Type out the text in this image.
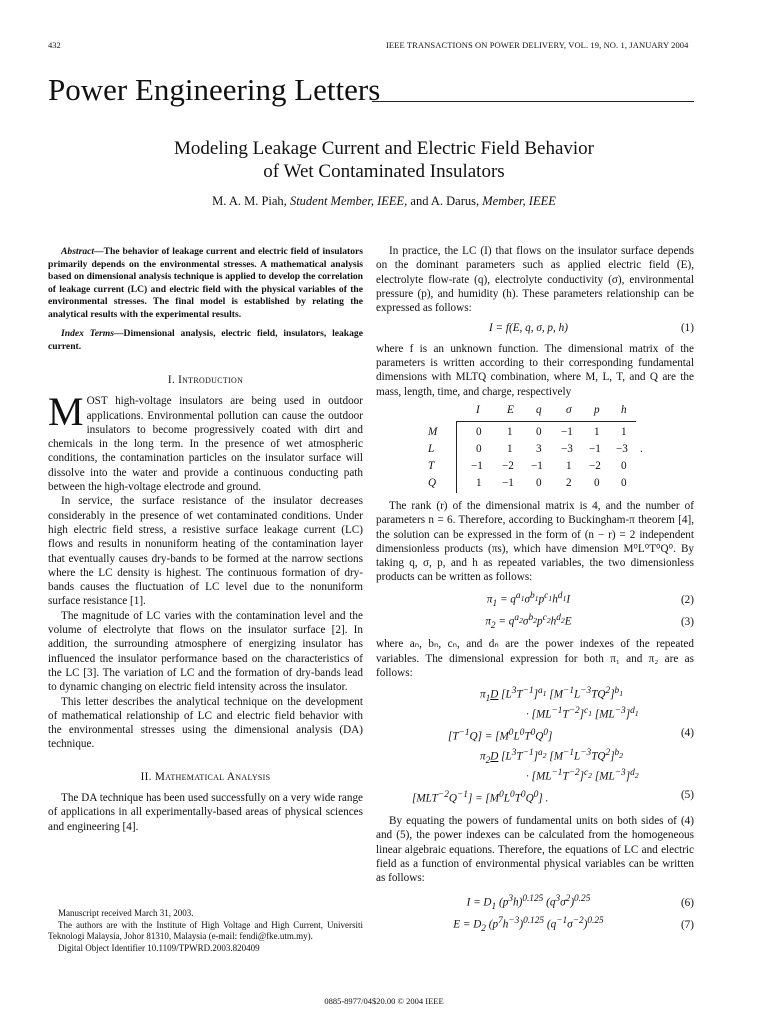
432	IEEE TRANSACTIONS ON POWER DELIVERY, VOL. 19, NO. 1, JANUARY 2004
Power Engineering Letters
Modeling Leakage Current and Electric Field Behavior
of Wet Contaminated Insulators
M. A. M. Piah, Student Member, IEEE, and A. Darus, Member, IEEE

Abstract—The behavior of leakage current and electric field of insulators primarily depends on the environmental stresses. A mathematical analysis based on dimensional analysis technique is applied to develop the correlation of leakage current (LC) and electric field with the physical variables of the environmental stresses. The final model is established by relating the analytical results with the experimental results.

Index Terms—Dimensional analysis, electric field, insulators, leakage current.

I. Introduction

MOST high-voltage insulators are being used in outdoor applications. Environmental pollution can cause the outdoor insulators to become progressively coated with dirt and chemicals in the long term. In the presence of wet atmospheric conditions, the contamination particles on the insulator surface will dissolve into the water and provide a continuous conducting path between the high-voltage electrode and ground.

In service, the surface resistance of the insulator decreases considerably in the presence of wet contaminated conditions. Under high electric field stress, a resistive surface leakage current (LC) flows and results in nonuniform heating of the contamination layer that eventually causes dry-bands to be formed at the narrow sections where the LC density is highest. The continuous formation of dry-bands causes the fluctuation of LC level due to the nonuniform surface resistance [1].

The magnitude of LC varies with the contamination level and the volume of electrolyte that flows on the insulator surface [2]. In addition, the surrounding atmosphere of energizing insulator has influenced the insulator performance based on the characteristics of the LC [3]. The variation of LC and the formation of dry-bands lead to dynamic changing on electric field intensity across the insulator.

This letter describes the analytical technique on the development of mathematical relationship of LC and electric field behavior with the environmental stresses using the dimensional analysis (DA) technique.

II. Mathematical Analysis

The DA technique has been used successfully on a very wide range of applications in all experimentally-based areas of physical sciences and engineering [4].

Manuscript received March 31, 2003.

The authors are with the Institute of High Voltage and High Current, Universiti Teknologi Malaysia, Johor 81310, Malaysia (e-mail: fendi@fke.utm.my).

Digital Object Identifier 10.1109/TPWRD.2003.820409

In practice, the LC (I) that flows on the insulator surface depends on the dominant parameters such as applied electric field (E), electrolyte flow-rate (q), electrolyte conductivity (σ), environmental pressure (p), and humidity (h). These parameters relationship can be expressed as follows:

I = f(E, q, σ, p, h)	(1)

where f is an unknown function. The dimensional matrix of the parameters is written according to their corresponding fundamental dimensions with MLTQ combination, where M, L, T, and Q are the mass, length, time, and charge, respectively

I E q σ p h
M	0 1 0 −1 1 1
L	0 1 3 −3 −1 −3
T	−1 −2 −1 1 −2 0
Q	1 −1 0 2 0 0
.

The rank (r) of the dimensional matrix is 4, and the number of parameters n = 6. Therefore, according to Buckingham-π theorem [4], the solution can be expressed in the form of (n − r) = 2 independent dimensionless products (πs), which have dimension M⁰L⁰T⁰Q⁰. By taking q, σ, p, and h as repeated variables, the two dimensionless products can be written as follows:

$\pi_1 = q^{a_1}\sigma^{b_1}p^{c_1}h^{d_1}I$	(2)
$\pi_2 = q^{a_2}\sigma^{b_2}p^{c_2}h^{d_2}E$	(3)

where aₙ, bₙ, cₙ, and dₙ are the power indexes of the repeated variables. The dimensional expression for both π₁ and π₂ are as follows:

$\pi_1D$ $[L^3T^{-1}]^{a_1}$ $[M^{-1}L^{-3}TQ^2]^{b_1}$
· $[ML^{-1}T^{-2}]^{c_1}$ $[ML^{-3}]^{d_1}$
$[T^{-1}Q] = [M^0L^0T^0Q^0]$	(4)
$\pi_2D$ $[L^3T^{-1}]^{a_2}$ $[M^{-1}L^{-3}TQ^2]^{b_2}$
· $[ML^{-1}T^{-2}]^{c_2}$ $[ML^{-3}]^{d_2}$
$[MLT^{-2}Q^{-1}] = [M^0L^0T^0Q^0]$ .	(5)

By equating the powers of fundamental units on both sides of (4) and (5), the power indexes can be calculated from the homogeneous linear algebraic equations. Therefore, the equations of LC and electric field as a function of environmental physical variables can be written as follows:

$I = D_1$ $(p^3h)^{0.125}$ $(q^3\sigma^2)^{0.25}$	(6)
$E = D_2$ $(p^7h^{-3})^{0.125}$ $(q^{-1}\sigma^{-2})^{0.25}$	(7)
0885-8977/04$20.00 © 2004 IEEE
